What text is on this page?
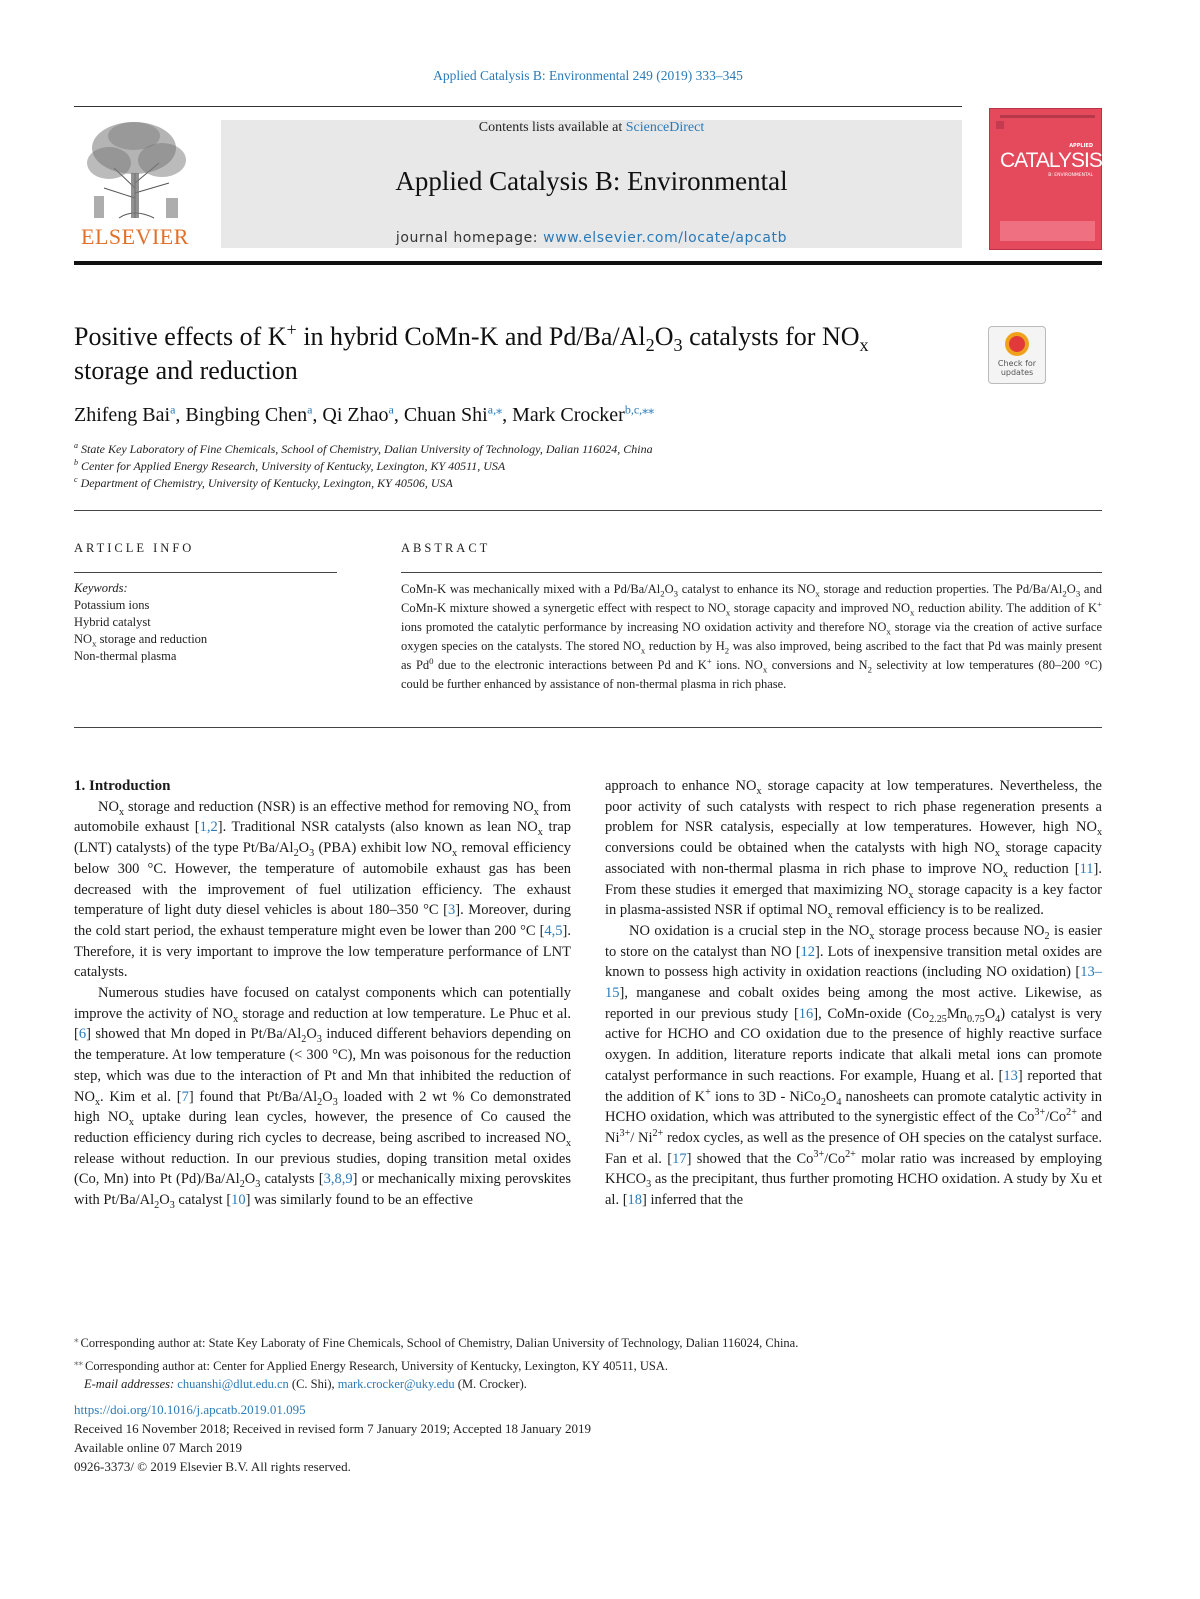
Applied Catalysis B: Environmental 249 (2019) 333–345
ELSEVIER
Contents lists available at ScienceDirect
Applied Catalysis B: Environmental
journal homepage: www.elsevier.com/locate/apcatb
APPLIED
CATALYSIS
B: ENVIRONMENTAL
Positive effects of K+ in hybrid CoMn-K and $Pd/Ba/Al_2O_3$ catalysts for $NO_x$
storage and reduction	Check for updates
Zhifeng Bai$^a$, Bingbing Chen$^a$, Qi Zhao$^a$, Chuan Shi$^{a,⁎}$, Mark Crocker$^{b,c,⁎⁎}$
$^a$ State Key Laboratory of Fine Chemicals, School of Chemistry, Dalian University of Technology, Dalian 116024, China
$^b$ Center for Applied Energy Research, University of Kentucky, Lexington, KY 40511, USA
$^c$ Department of Chemistry, University of Kentucky, Lexington, KY 40506, USA
ARTICLE INFO	ABSTRACT
Keywords:
Potassium ions
Hybrid catalyst
$NO_x$ storage and reduction
Non-thermal plasma
CoMn-K was mechanically mixed with a $Pd/Ba/Al_2O_3$ catalyst to enhance its $NO_x$ storage and reduction properties. The $Pd/Ba/Al_2O_3$ and CoMn-K mixture showed a synergetic effect with respect to $NO_x$ storage capacity and improved $NO_x$ reduction ability. The addition of K+ ions promoted the catalytic performance by increasing NO oxidation activity and therefore $NO_x$ storage via the creation of active surface oxygen species on the catalysts. The stored $NO_x$ reduction by $H_2$ was also improved, being ascribed to the fact that Pd was mainly present as Pd$^0$ due to the electronic interactions between Pd and K+ ions. $NO_x$ conversions and $N_2$ selectivity at low temperatures (80–200 °C) could be further enhanced by assistance of non-thermal plasma in rich phase.

1. Introduction

$NO_x$ storage and reduction (NSR) is an effective method for removing $NO_x$ from automobile exhaust [1,2]. Traditional NSR catalysts (also known as lean $NO_x$ trap (LNT) catalysts) of the type $Pt/Ba/Al_2O_3$ (PBA) exhibit low $NO_x$ removal efficiency below 300 °C. However, the temperature of automobile exhaust gas has been decreased with the improvement of fuel utilization efficiency. The exhaust temperature of light duty diesel vehicles is about 180–350 °C [3]. Moreover, during the cold start period, the exhaust temperature might even be lower than 200 °C [4,5]. Therefore, it is very important to improve the low temperature performance of LNT catalysts.

Numerous studies have focused on catalyst components which can potentially improve the activity of $NO_x$ storage and reduction at low temperature. Le Phuc et al. [6] showed that Mn doped in $Pt/Ba/Al_2O_3$ induced different behaviors depending on the temperature. At low temperature (< 300 °C), Mn was poisonous for the reduction step, which was due to the interaction of Pt and Mn that inhibited the reduction of $NO_x$. Kim et al. [7] found that $Pt/Ba/Al_2O_3$ loaded with 2 wt % Co demonstrated high $NO_x$ uptake during lean cycles, however, the presence of Co caused the reduction efficiency during rich cycles to decrease, being ascribed to increased $NO_x$ release without reduction. In our previous studies, doping transition metal oxides (Co, Mn) into Pt $(Pd)/Ba/Al_2O_3$ catalysts [3,8,9] or mechanically mixing perovskites with $Pt/Ba/Al_2O_3$ catalyst [10] was similarly found to be an effective

approach to enhance $NO_x$ storage capacity at low temperatures. Nevertheless, the poor activity of such catalysts with respect to rich phase regeneration presents a problem for NSR catalysis, especially at low temperatures. However, high $NO_x$ conversions could be obtained when the catalysts with high $NO_x$ storage capacity associated with non-thermal plasma in rich phase to improve $NO_x$ reduction [11]. From these studies it emerged that maximizing $NO_x$ storage capacity is a key factor in plasma-assisted NSR if optimal $NO_x$ removal efficiency is to be realized.

NO oxidation is a crucial step in the $NO_x$ storage process because $NO_2$ is easier to store on the catalyst than NO [12]. Lots of inexpensive transition metal oxides are known to possess high activity in oxidation reactions (including NO oxidation) [13–15], manganese and cobalt oxides being among the most active. Likewise, as reported in our previous study [16], CoMn-oxide $(Co_{2.25}Mn_{0.75}O_4)$ catalyst is very active for HCHO and CO oxidation due to the presence of highly reactive surface oxygen. In addition, literature reports indicate that alkali metal ions can promote catalyst performance in such reactions. For example, Huang et al. [13] reported that the addition of K+ ions to $3D - NiCo_2O_4$ nanosheets can promote catalytic activity in HCHO oxidation, which was attributed to the synergistic effect of the $Co^{3+}/Co^{2+}$ and $Ni^{3+}/$ $Ni^{2+}$ redox cycles, as well as the presence of OH species on the catalyst surface. Fan et al. [17] showed that the $Co^{3+}/Co^{2+}$ molar ratio was increased by employing $KHCO_3$ as the precipitant, thus further promoting HCHO oxidation. A study by Xu et al. [18] inferred that the

⁎ Corresponding author at: State Key Laboraty of Fine Chemicals, School of Chemistry, Dalian University of Technology, Dalian 116024, China.
⁎⁎ Corresponding author at: Center for Applied Energy Research, University of Kentucky, Lexington, KY 40511, USA.
E-mail addresses: chuanshi@dlut.edu.cn (C. Shi), mark.crocker@uky.edu (M. Crocker).
https://doi.org/10.1016/j.apcatb.2019.01.095
Received 16 November 2018; Received in revised form 7 January 2019; Accepted 18 January 2019
Available online 07 March 2019
0926-3373/ © 2019 Elsevier B.V. All rights reserved.
